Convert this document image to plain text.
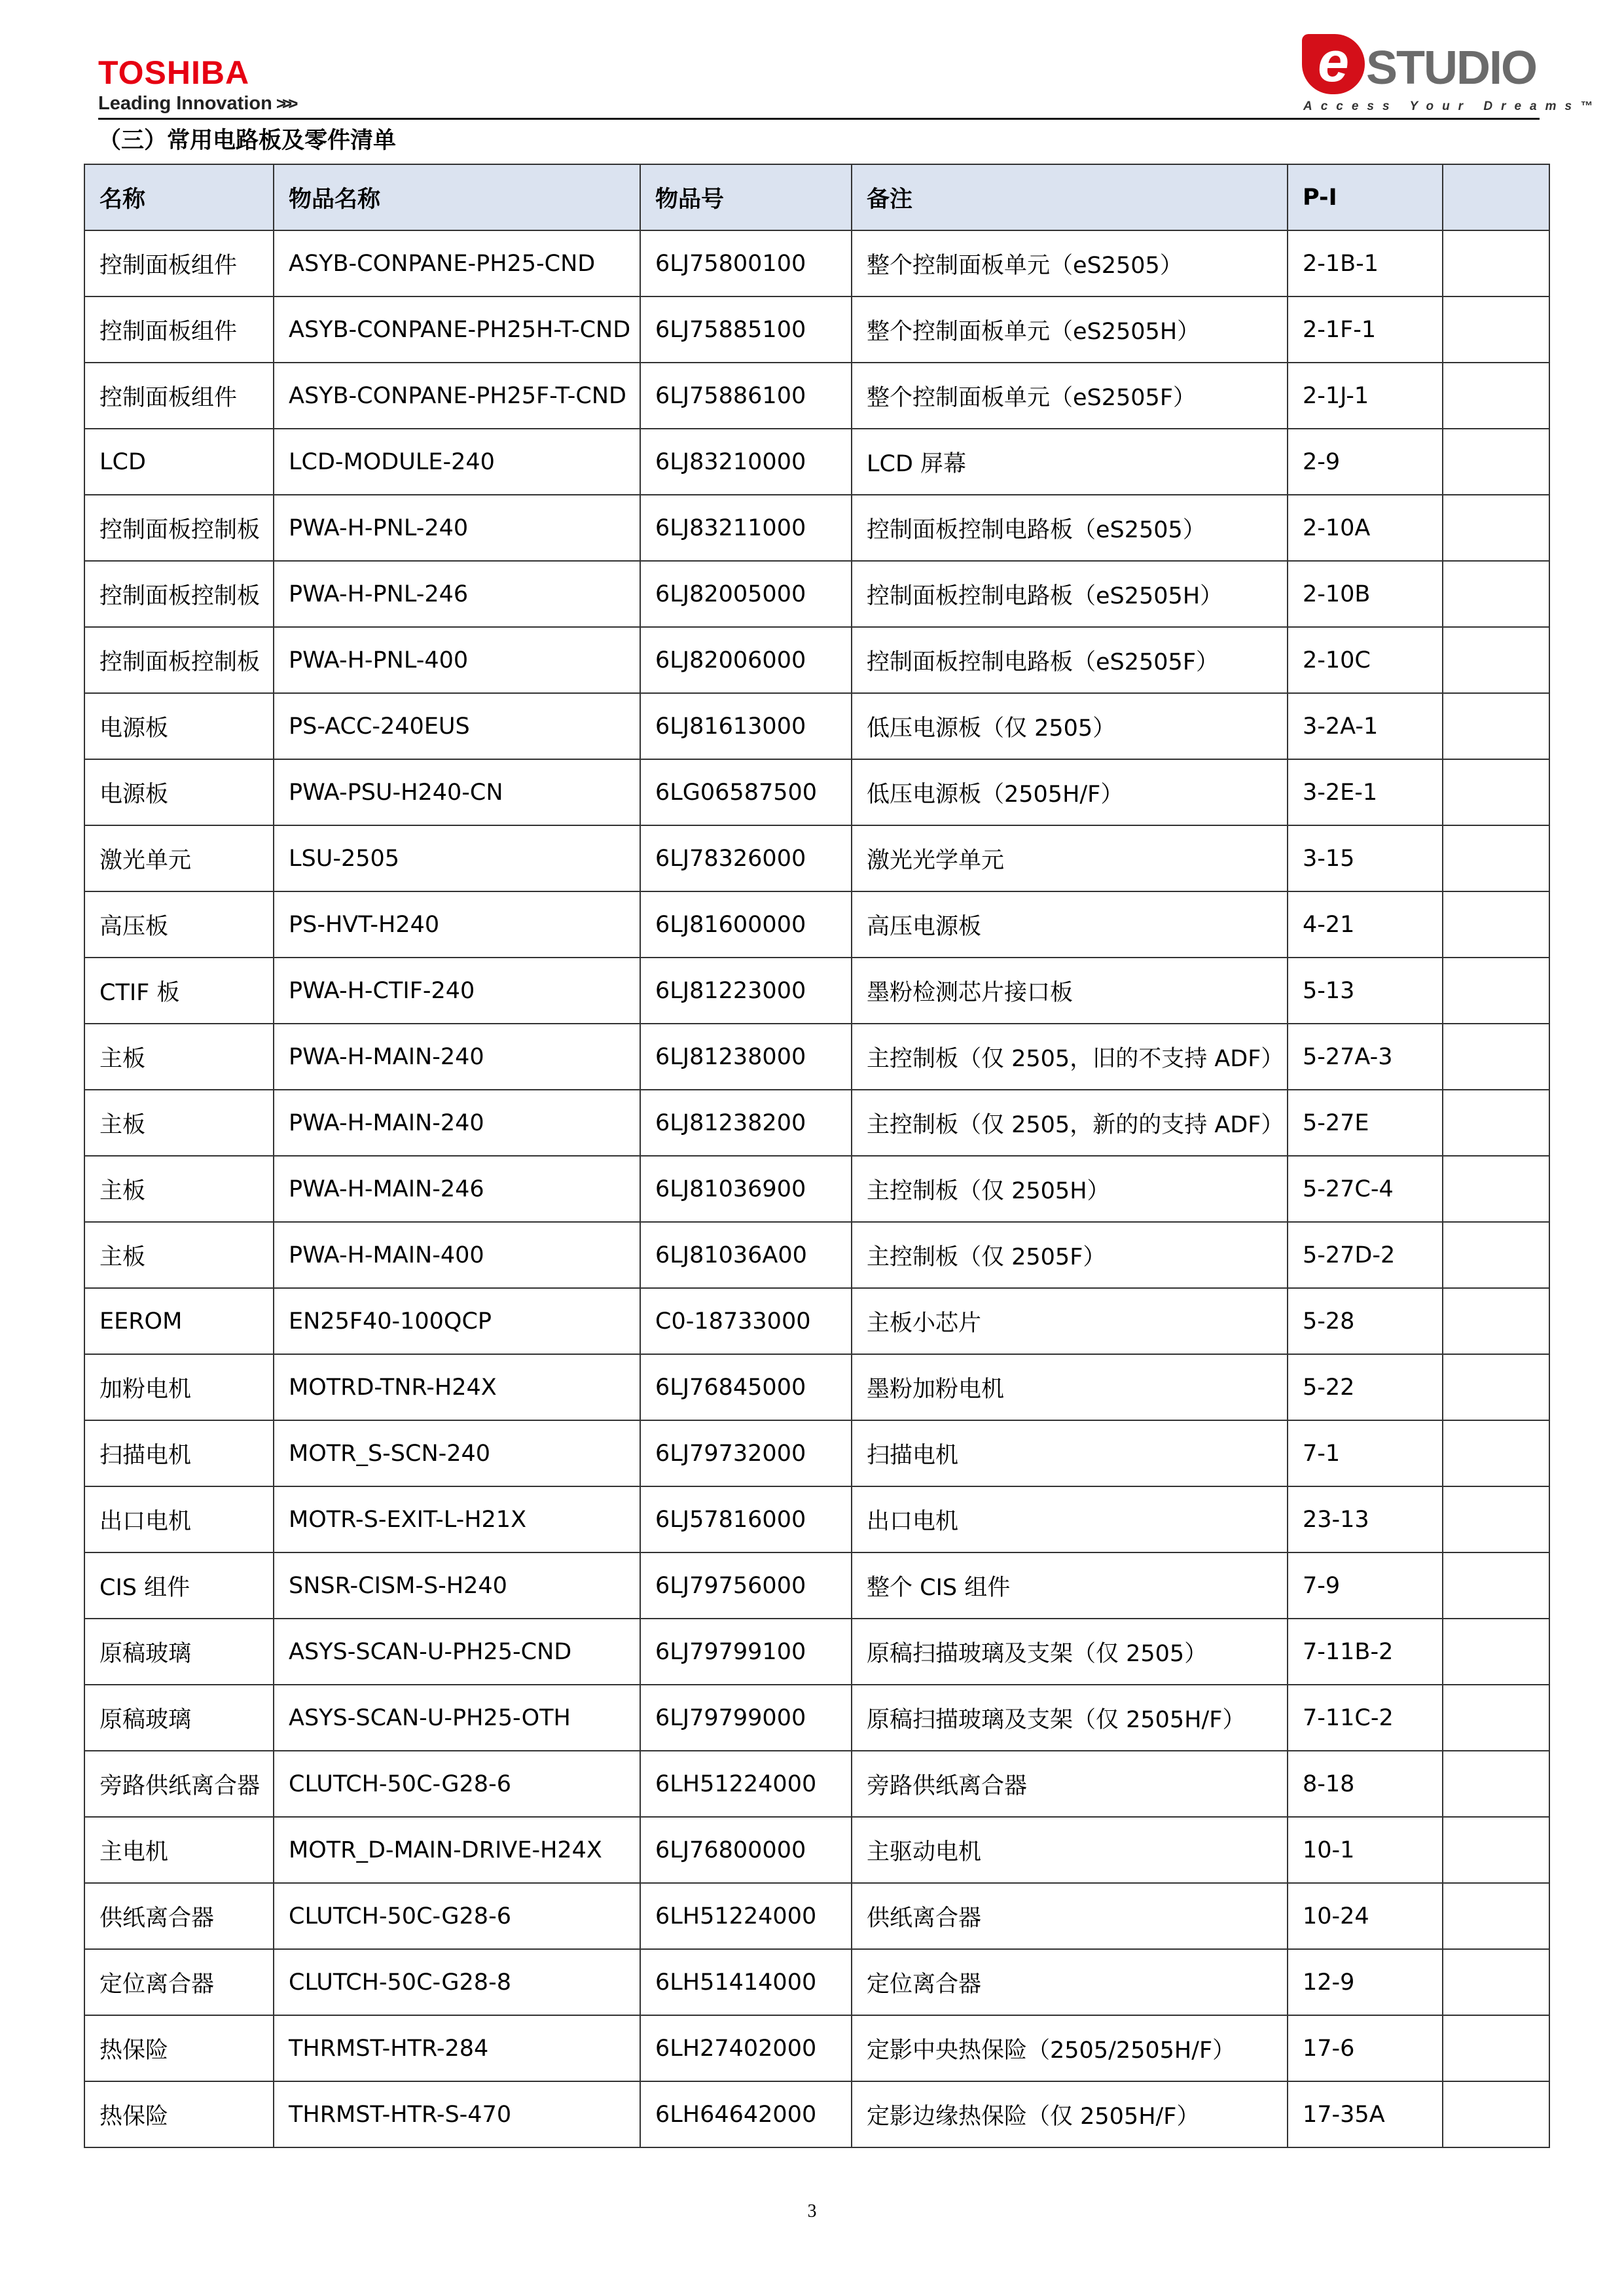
TOSHIBA
Leading Innovation >>>
e STUDIO
Access Your Dreams™
（三）常用电路板及零件清单
名称	物品名称	物品号	备注	P-I	
控制面板组件	ASYB-CONPANE-PH25-CND	6LJ75800100	整个控制面板单元（eS2505）	2-1B-1	
控制面板组件	ASYB-CONPANE-PH25H-T-CND	6LJ75885100	整个控制面板单元（eS2505H）	2-1F-1	
控制面板组件	ASYB-CONPANE-PH25F-T-CND	6LJ75886100	整个控制面板单元（eS2505F）	2-1J-1	
LCD	LCD-MODULE-240	6LJ83210000	LCD 屏幕	2-9	
控制面板控制板	PWA-H-PNL-240	6LJ83211000	控制面板控制电路板（eS2505）	2-10A	
控制面板控制板	PWA-H-PNL-246	6LJ82005000	控制面板控制电路板（eS2505H）	2-10B	
控制面板控制板	PWA-H-PNL-400	6LJ82006000	控制面板控制电路板（eS2505F）	2-10C	
电源板	PS-ACC-240EUS	6LJ81613000	低压电源板（仅 2505）	3-2A-1	
电源板	PWA-PSU-H240-CN	6LG06587500	低压电源板（2505H/F）	3-2E-1	
激光单元	LSU-2505	6LJ78326000	激光光学单元	3-15	
高压板	PS-HVT-H240	6LJ81600000	高压电源板	4-21	
CTIF 板	PWA-H-CTIF-240	6LJ81223000	墨粉检测芯片接口板	5-13	
主板	PWA-H-MAIN-240	6LJ81238000	主控制板（仅 2505，旧的不支持 ADF）	5-27A-3	
主板	PWA-H-MAIN-240	6LJ81238200	主控制板（仅 2505，新的的支持 ADF）	5-27E	
主板	PWA-H-MAIN-246	6LJ81036900	主控制板（仅 2505H）	5-27C-4	
主板	PWA-H-MAIN-400	6LJ81036A00	主控制板（仅 2505F）	5-27D-2	
EEROM	EN25F40-100QCP	C0-18733000	主板小芯片	5-28	
加粉电机	MOTRD-TNR-H24X	6LJ76845000	墨粉加粉电机	5-22	
扫描电机	MOTR_S-SCN-240	6LJ79732000	扫描电机	7-1	
出口电机	MOTR-S-EXIT-L-H21X	6LJ57816000	出口电机	23-13	
CIS 组件	SNSR-CISM-S-H240	6LJ79756000	整个 CIS 组件	7-9	
原稿玻璃	ASYS-SCAN-U-PH25-CND	6LJ79799100	原稿扫描玻璃及支架（仅 2505）	7-11B-2	
原稿玻璃	ASYS-SCAN-U-PH25-OTH	6LJ79799000	原稿扫描玻璃及支架（仅 2505H/F）	7-11C-2	
旁路供纸离合器	CLUTCH-50C-G28-6	6LH51224000	旁路供纸离合器	8-18	
主电机	MOTR_D-MAIN-DRIVE-H24X	6LJ76800000	主驱动电机	10-1	
供纸离合器	CLUTCH-50C-G28-6	6LH51224000	供纸离合器	10-24	
定位离合器	CLUTCH-50C-G28-8	6LH51414000	定位离合器	12-9	
热保险	THRMST-HTR-284	6LH27402000	定影中央热保险（2505/2505H/F）	17-6	
热保险	THRMST-HTR-S-470	6LH64642000	定影边缘热保险（仅 2505H/F）	17-35A	
3
